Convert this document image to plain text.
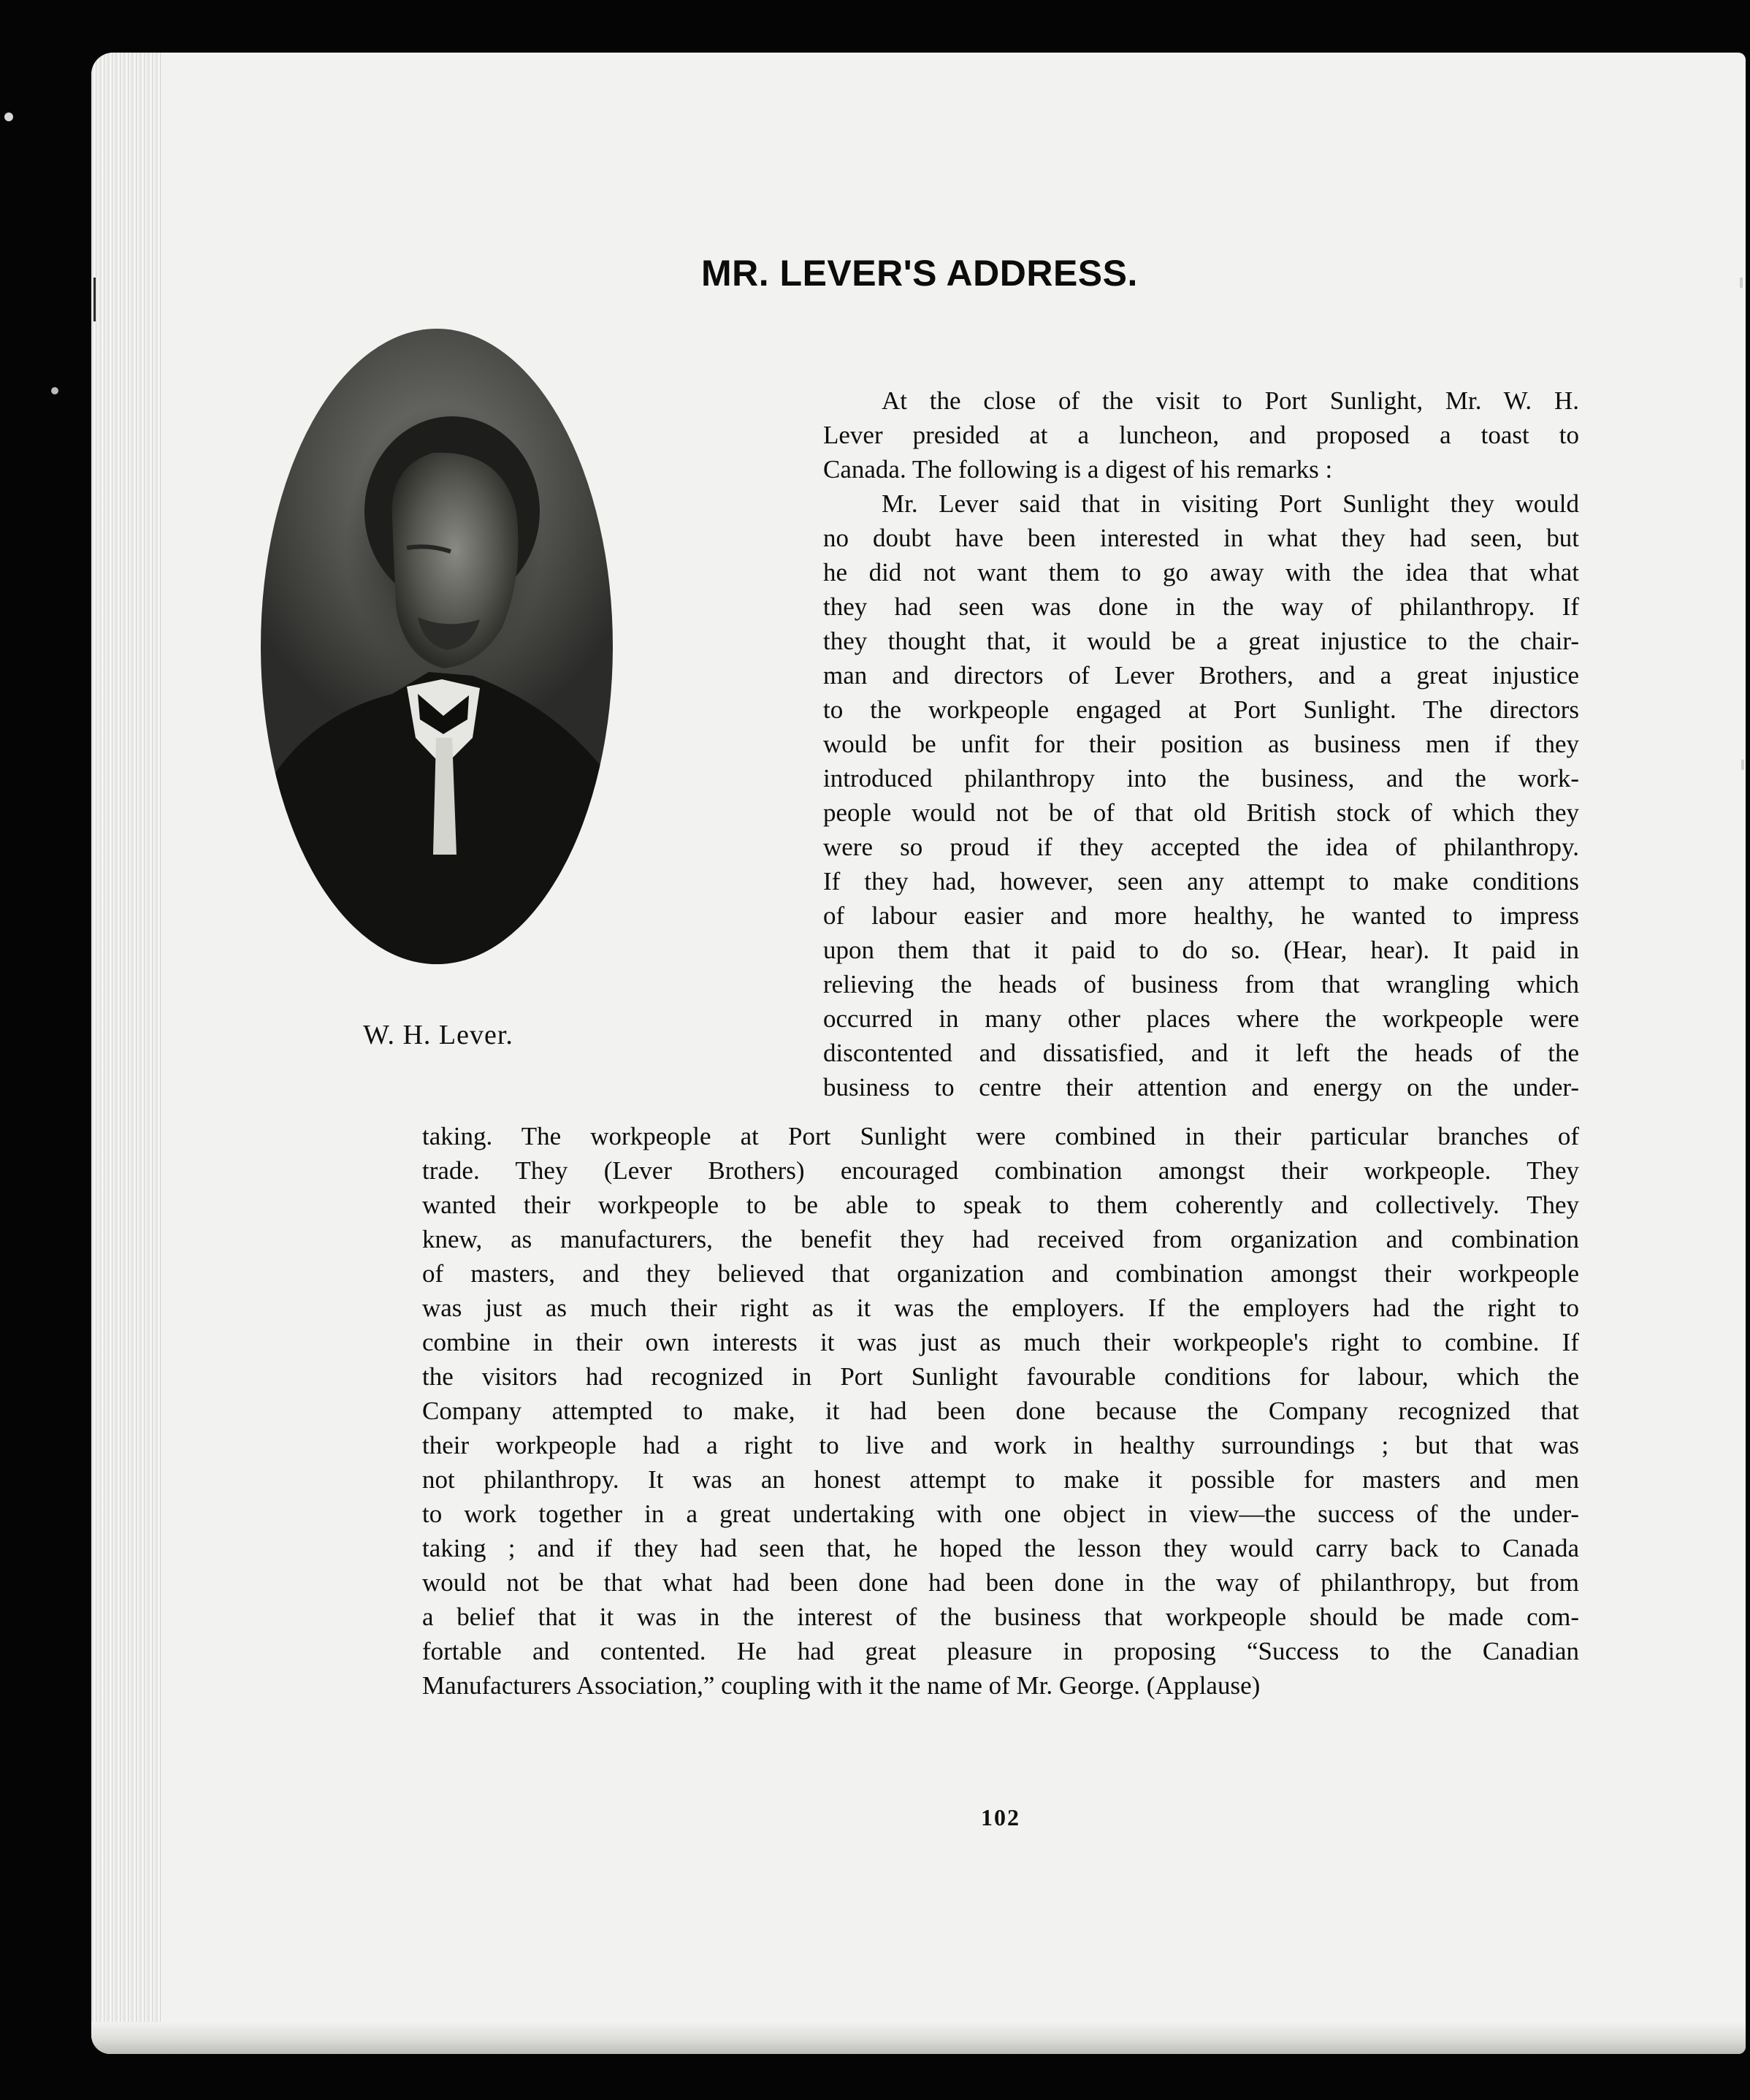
MR. LEVER'S ADDRESS.
W. H. Lever.
At the close of the visit to Port Sunlight, Mr. W. H.
Lever presided at a luncheon, and proposed a toast to
Canada. The following is a digest of his remarks :
Mr. Lever said that in visiting Port Sunlight they would
no doubt have been interested in what they had seen, but
he did not want them to go away with the idea that what
they had seen was done in the way of philanthropy. If
they thought that, it would be a great injustice to the chair-
man and directors of Lever Brothers, and a great injustice
to the workpeople engaged at Port Sunlight. The directors
would be unfit for their position as business men if they
introduced philanthropy into the business, and the work-
people would not be of that old British stock of which they
were so proud if they accepted the idea of philanthropy.
If they had, however, seen any attempt to make conditions
of labour easier and more healthy, he wanted to impress
upon them that it paid to do so. (Hear, hear). It paid in
relieving the heads of business from that wrangling which
occurred in many other places where the workpeople were
discontented and dissatisfied, and it left the heads of the
business to centre their attention and energy on the under-
taking. The workpeople at Port Sunlight were combined in their particular branches of
trade. They (Lever Brothers) encouraged combination amongst their workpeople. They
wanted their workpeople to be able to speak to them coherently and collectively. They
knew, as manufacturers, the benefit they had received from organization and combination
of masters, and they believed that organization and combination amongst their workpeople
was just as much their right as it was the employers. If the employers had the right to
combine in their own interests it was just as much their workpeople's right to combine. If
the visitors had recognized in Port Sunlight favourable conditions for labour, which the
Company attempted to make, it had been done because the Company recognized that
their workpeople had a right to live and work in healthy surroundings ; but that was
not philanthropy. It was an honest attempt to make it possible for masters and men
to work together in a great undertaking with one object in view—the success of the under-
taking ; and if they had seen that, he hoped the lesson they would carry back to Canada
would not be that what had been done had been done in the way of philanthropy, but from
a belief that it was in the interest of the business that workpeople should be made com-
fortable and contented. He had great pleasure in proposing “Success to the Canadian
Manufacturers Association,” coupling with it the name of Mr. George. (Applause)
102
